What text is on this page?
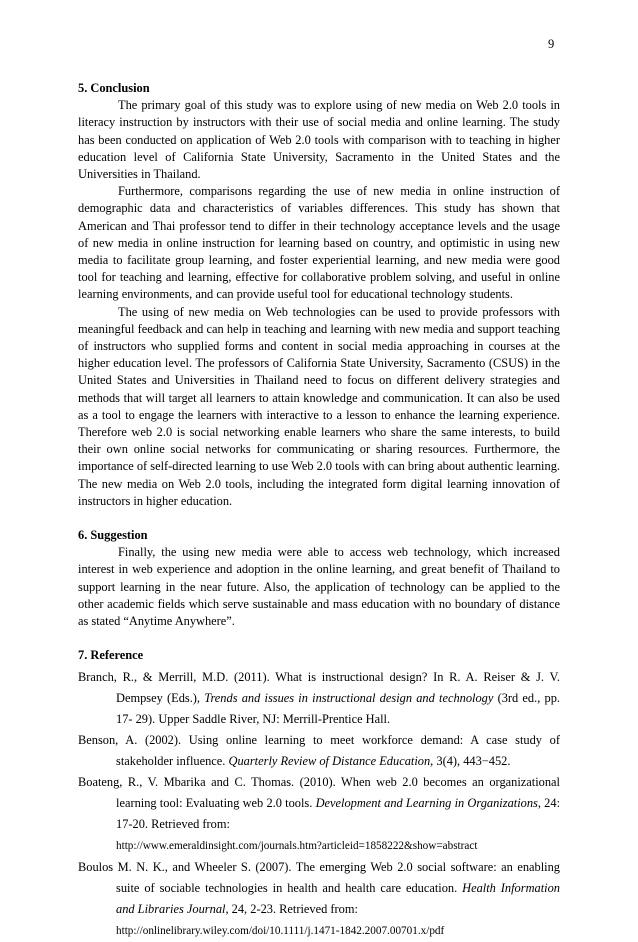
9
5. Conclusion

The primary goal of this study was to explore using of new media on Web 2.0 tools in literacy instruction by instructors with their use of social media and online learning. The study has been conducted on application of Web 2.0 tools with comparison with to teaching in higher education level of California State University, Sacramento in the United States and the Universities in Thailand.

Furthermore, comparisons regarding the use of new media in online instruction of demographic data and characteristics of variables differences. This study has shown that American and Thai professor tend to differ in their technology acceptance levels and the usage of new media in online instruction for learning based on country, and optimistic in using new media to facilitate group learning, and foster experiential learning, and new media were good tool for teaching and learning, effective for collaborative problem solving, and useful in online learning environments, and can provide useful tool for educational technology students.

The using of new media on Web technologies can be used to provide professors with meaningful feedback and can help in teaching and learning with new media and support teaching of instructors who supplied forms and content in social media approaching in courses at the higher education level. The professors of California State University, Sacramento (CSUS) in the United States and Universities in Thailand need to focus on different delivery strategies and methods that will target all learners to attain knowledge and communication. It can also be used as a tool to engage the learners with interactive to a lesson to enhance the learning experience. Therefore web 2.0 is social networking enable learners who share the same interests, to build their own online social networks for communicating or sharing resources. Furthermore, the importance of self-directed learning to use Web 2.0 tools with can bring about authentic learning. The new media on Web 2.0 tools, including the integrated form digital learning innovation of instructors in higher education.

6. Suggestion

Finally, the using new media were able to access web technology, which increased interest in web experience and adoption in the online learning, and great benefit of Thailand to support learning in the near future. Also, the application of technology can be applied to the other academic fields which serve sustainable and mass education with no boundary of distance as stated “Anytime Anywhere”.

7. Reference
Branch, R., & Merrill, M.D. (2011). What is instructional design? In R. A. Reiser & J. V. Dempsey (Eds.), Trends and issues in instructional design and technology (3rd ed., pp. 17- 29). Upper Saddle River, NJ: Merrill-Prentice Hall.
Benson, A. (2002). Using online learning to meet workforce demand: A case study of stakeholder influence. Quarterly Review of Distance Education, 3(4), 443−452.
Boateng, R., V. Mbarika and C. Thomas. (2010). When web 2.0 becomes an organizational learning tool: Evaluating web 2.0 tools. Development and Learning in Organizations, 24: 17-20. Retrieved from:
http://www.emeraldinsight.com/journals.htm?articleid=1858222&show=abstract
Boulos M. N. K., and Wheeler S. (2007). The emerging Web 2.0 social software: an enabling suite of sociable technologies in health and health care education. Health Information and Libraries Journal, 24, 2-23. Retrieved from:
http://onlinelibrary.wiley.com/doi/10.1111/j.1471-1842.2007.00701.x/pdf
